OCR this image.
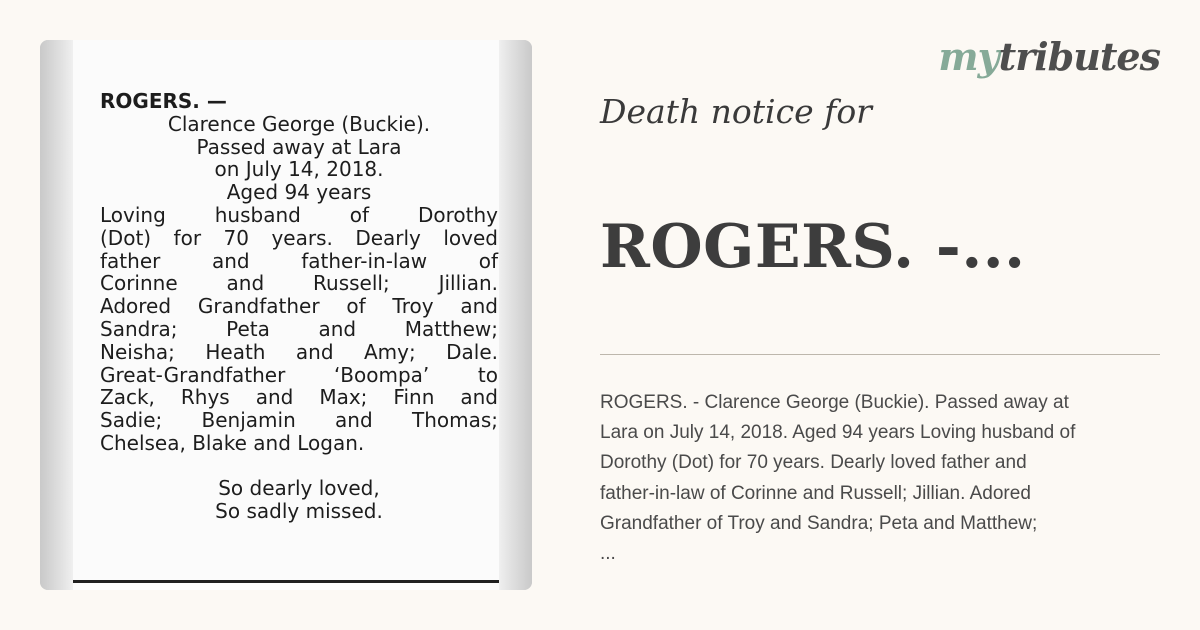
ROGERS. —
Clarence George (Buckie).
Passed away at Lara
on July 14, 2018.
Aged 94 years
Loving husband of Dorothy
(Dot) for 70 years. Dearly loved
father and father-in-law of
Corinne and Russell; Jillian.
Adored Grandfather of Troy and
Sandra; Peta and Matthew;
Neisha; Heath and Amy; Dale.
Great-Grandfather ‘Boompa’ to
Zack, Rhys and Max; Finn and
Sadie; Benjamin and Thomas;
Chelsea, Blake and Logan.
So dearly loved,
So sadly missed.
mytributes
Death notice for
ROGERS. -...
ROGERS. - Clarence George (Buckie). Passed away at
Lara on July 14, 2018. Aged 94 years Loving husband of
Dorothy (Dot) for 70 years. Dearly loved father and
father-in-law of Corinne and Russell; Jillian. Adored
Grandfather of Troy and Sandra; Peta and Matthew;
...
